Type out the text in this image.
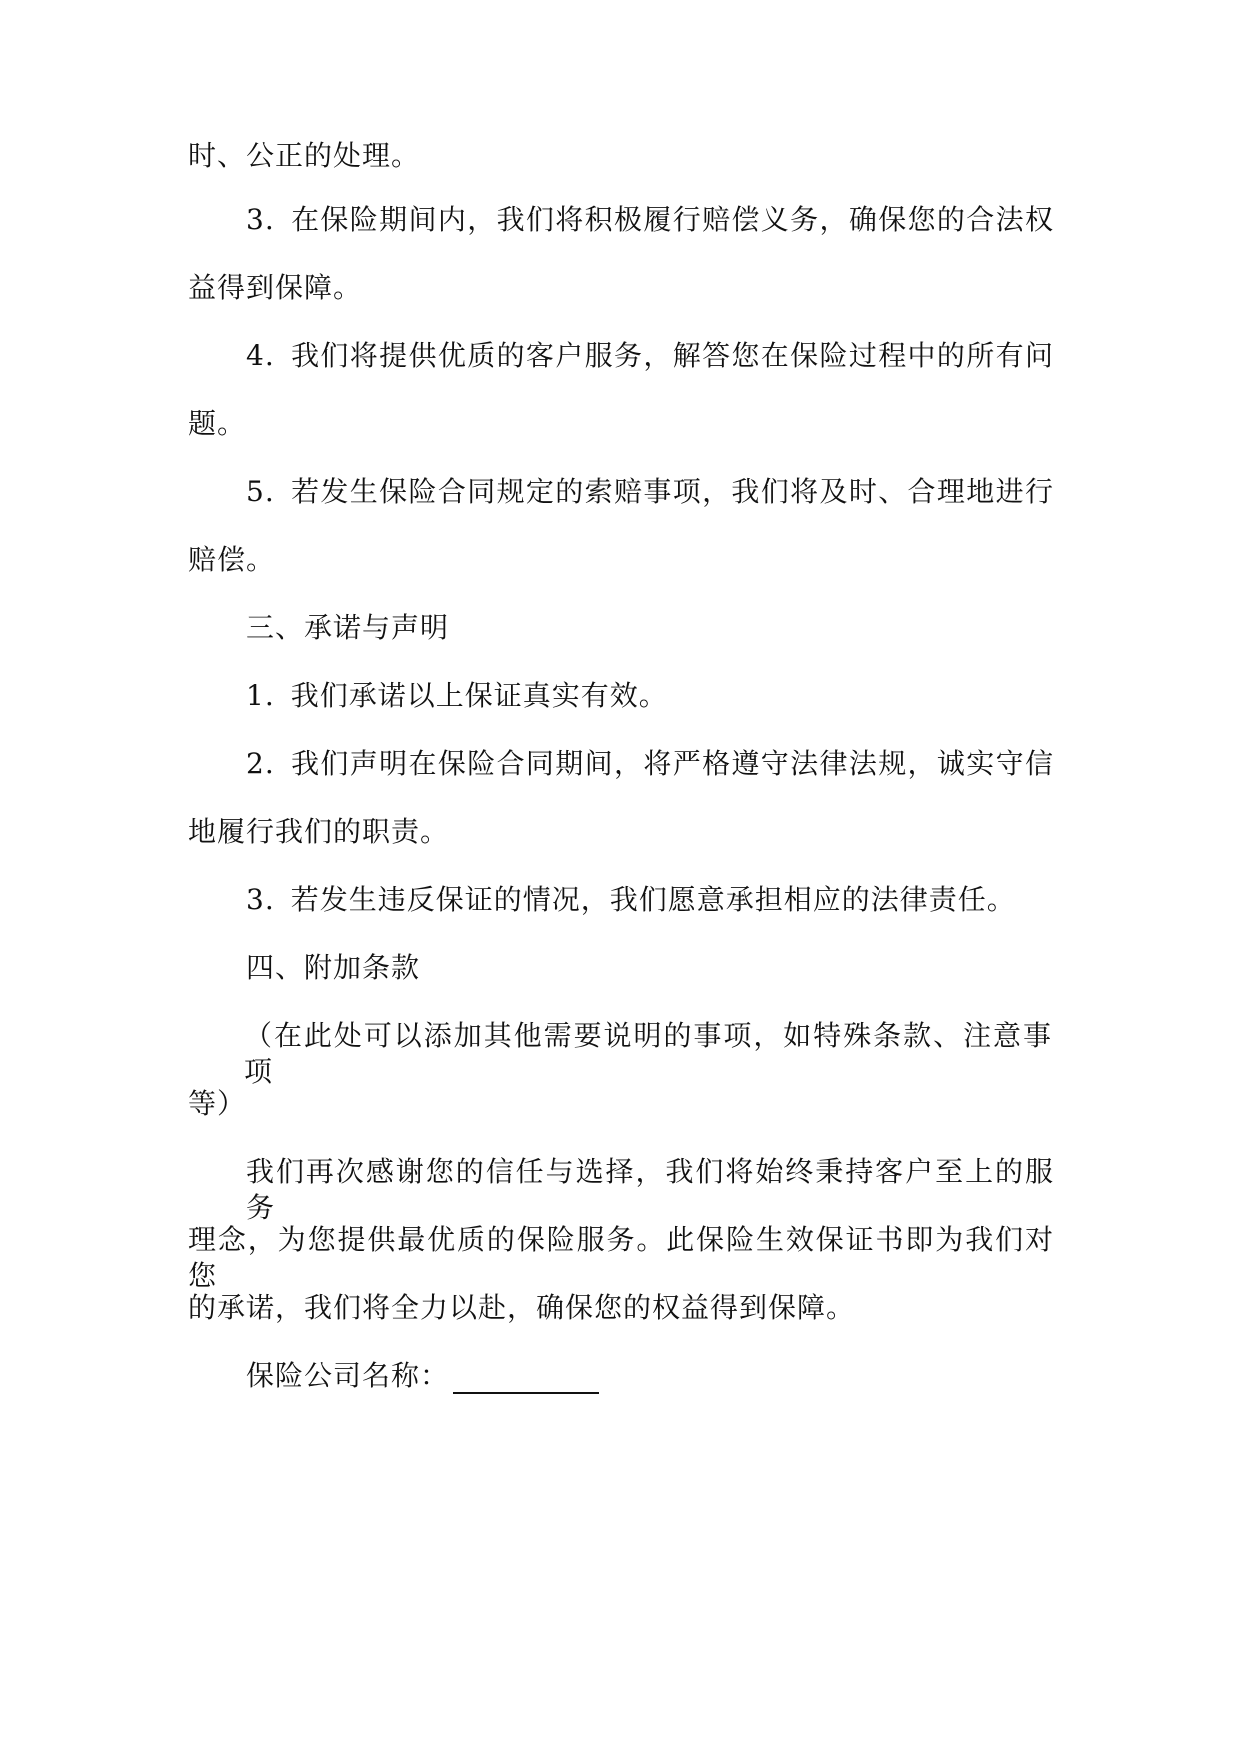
时、公正的处理。
3. 在保险期间内，我们将积极履行赔偿义务，确保您的合法权
益得到保障。
4. 我们将提供优质的客户服务，解答您在保险过程中的所有问
题。
5. 若发生保险合同规定的索赔事项，我们将及时、合理地进行
赔偿。
三、承诺与声明
1. 我们承诺以上保证真实有效。
2. 我们声明在保险合同期间，将严格遵守法律法规，诚实守信
地履行我们的职责。
3. 若发生违反保证的情况，我们愿意承担相应的法律责任。
四、附加条款
（在此处可以添加其他需要说明的事项，如特殊条款、注意事项
等）
我们再次感谢您的信任与选择，我们将始终秉持客户至上的服务
理念，为您提供最优质的保险服务。此保险生效保证书即为我们对您
的承诺，我们将全力以赴，确保您的权益得到保障。
保险公司名称：
